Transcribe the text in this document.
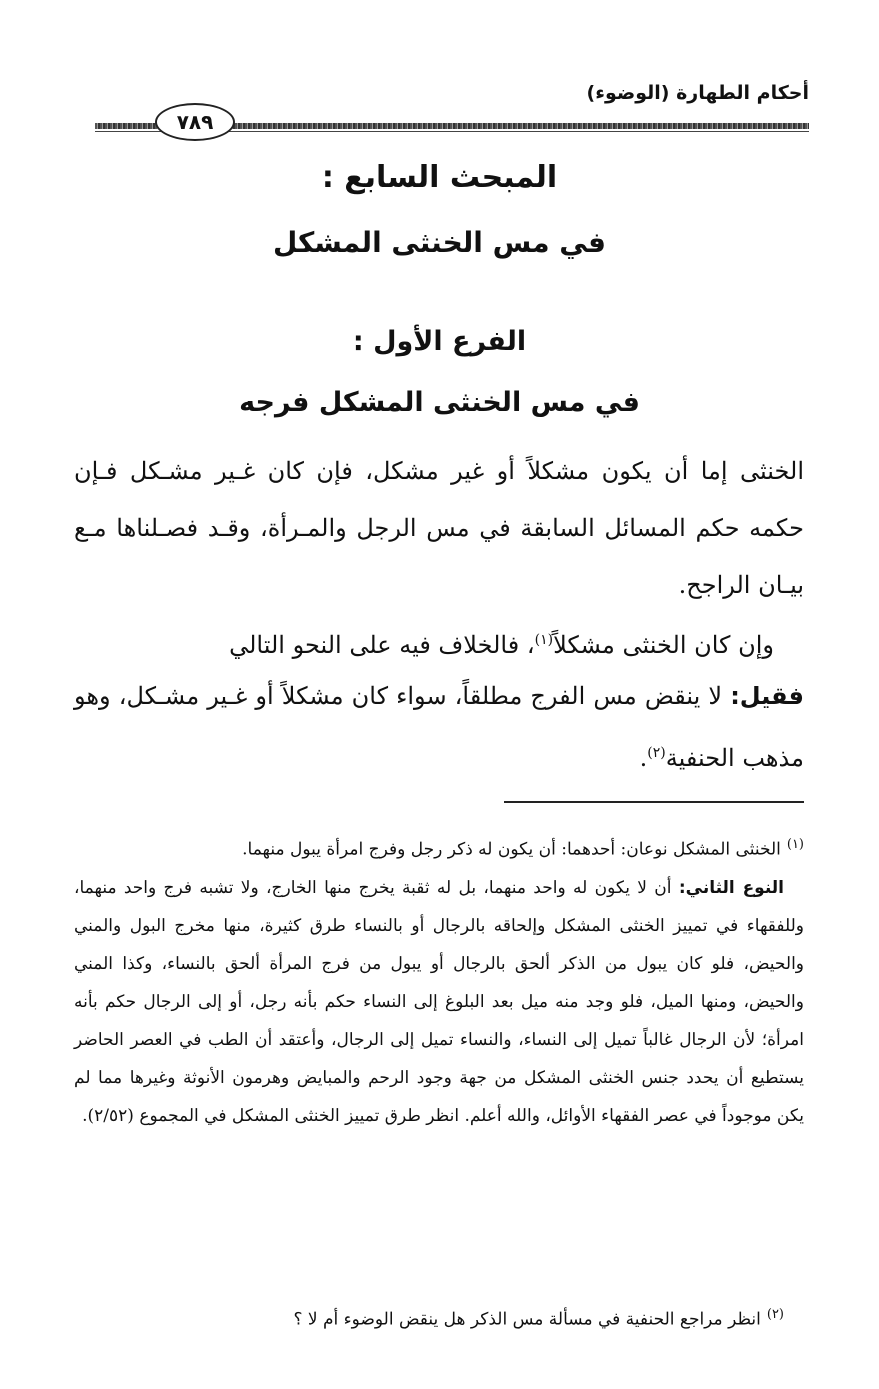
أحكام الطهارة (الوضوء)
٧٨٩
المبحث السابع :
في مس الخنثى المشكل
الفرع الأول :
في مس الخنثى المشكل فرجه

الخنثى إما أن يكون مشكلاً أو غير مشكل، فإن كان غـير مشـكل فـإن حكمه حكم المسائل السابقة في مس الرجل والمـرأة، وقـد فصـلناها مـع بيـان الراجح.

وإن كان الخنثى مشكلاً$^{(١)}$، فالخلاف فيه على النحو التالي

فقيل: لا ينقض مس الفرج مطلقاً، سواء كان مشكلاً أو غـير مشـكل، وهو مذهب الحنفية$^{(٢)}$.

$^{(١)}$الخنثى المشكل نوعان: أحدهما: أن يكون له ذكر رجل وفرج امرأة يبول منهما.
النوع الثاني: أن لا يكون له واحد منهما، بل له ثقبة يخرج منها الخارج، ولا تشبه فرج واحد منهما، وللفقهاء في تمييز الخنثى المشكل وإلحاقه بالرجال أو بالنساء طرق كثيرة، منها مخرج البول والمني والحيض، فلو كان يبول من الذكر ألحق بالرجال أو يبول من فرج المرأة ألحق بالنساء، وكذا المني والحيض، ومنها الميل، فلو وجد منه ميل بعد البلوغ إلى النساء حكم بأنه رجل، أو إلى الرجال حكم بأنه امرأة؛ لأن الرجال غالباً تميل إلى النساء، والنساء تميل إلى الرجال، وأعتقد أن الطب في العصر الحاضر يستطيع أن يحدد جنس الخنثى المشكل من جهة وجود الرحم والمبايض وهرمون الأنوثة وغيرها مما لم يكن موجوداً في عصر الفقهاء الأوائل، والله أعلم. انظر طرق تمييز الخنثى المشكل في المجموع (٢/٥٢).
$^{(٢)}$انظر مراجع الحنفية في مسألة مس الذكر هل ينقض الوضوء أم لا ؟
